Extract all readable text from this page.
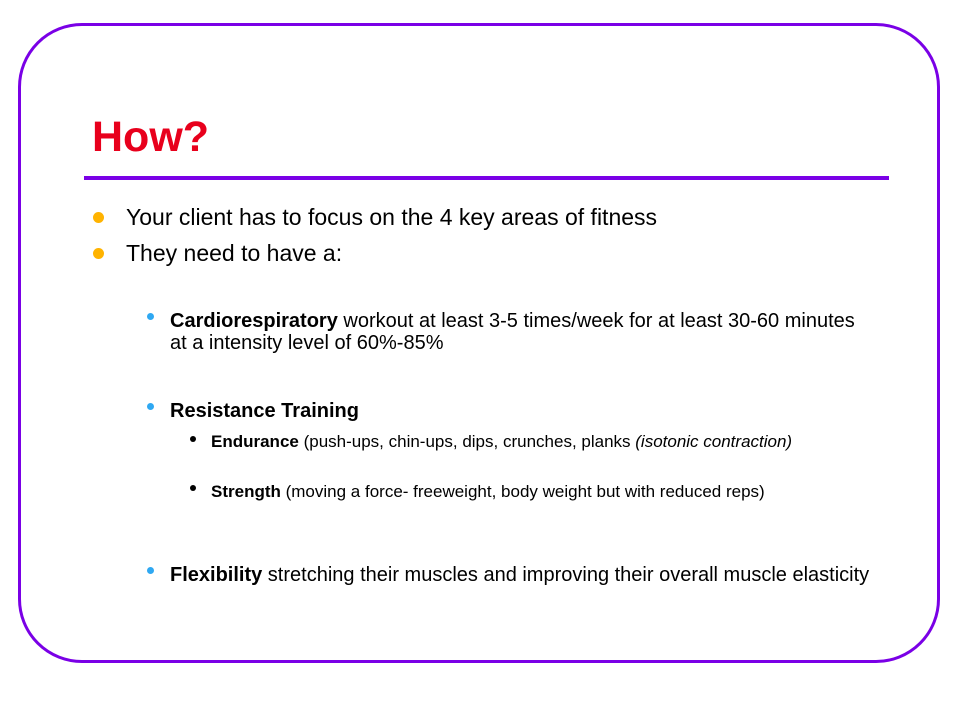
How?
Your client has to focus on the 4 key areas of fitness
They need to have a:
Cardiorespiratory workout at least 3-5 times/week for at least 30-60 minutes at a intensity level of 60%-85%
Resistance Training
Endurance (push-ups, chin-ups, dips, crunches, planks (isotonic contraction)
Strength (moving a force- freeweight, body weight but with reduced reps)
Flexibility stretching their muscles and improving their overall muscle elasticity
